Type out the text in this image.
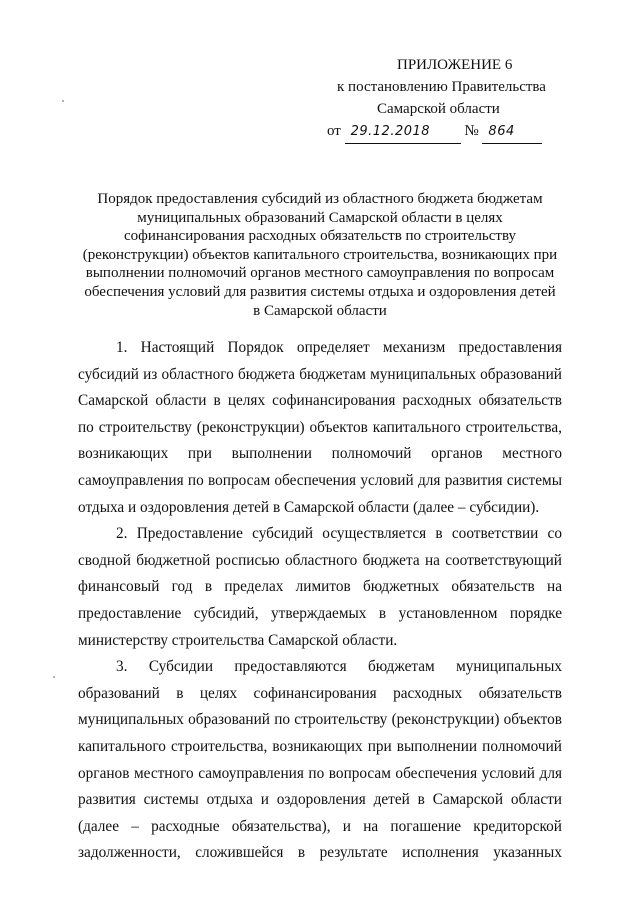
ПРИЛОЖЕНИЕ 6
к постановлению Правительства
Самарской области
от 29.12.2018 № 864
Порядок предоставления субсидий из областного бюджета бюджетам
муниципальных образований Самарской области в целях
софинансирования расходных обязательств по строительству
(реконструкции) объектов капитального строительства, возникающих при
выполнении полномочий органов местного самоуправления по вопросам
обеспечения условий для развития системы отдыха и оздоровления детей
в Самарской области

1. Настоящий Порядок определяет механизм предоставления субсидий из областного бюджета бюджетам муниципальных образований Самарской области в целях софинансирования расходных обязательств по строительству (реконструкции) объектов капитального строительства, возникающих при выполнении полномочий органов местного самоуправления по вопросам обеспечения условий для развития системы отдыха и оздоровления детей в Самарской области (далее – субсидии).

2. Предоставление субсидий осуществляется в соответствии со сводной бюджетной росписью областного бюджета на соответствующий финансовый год в пределах лимитов бюджетных обязательств на предоставление субсидий, утверждаемых в установленном порядке министерству строительства Самарской области.

3. Субсидии предоставляются бюджетам муниципальных образований в целях софинансирования расходных обязательств муниципальных образований по строительству (реконструкции) объектов капитального строительства, возникающих при выполнении полномочий органов местного самоуправления по вопросам обеспечения условий для развития системы отдыха и оздоровления детей в Самарской области (далее – расходные обязательства), и на погашение кредиторской задолженности, сложившейся в результате исполнения указанных
